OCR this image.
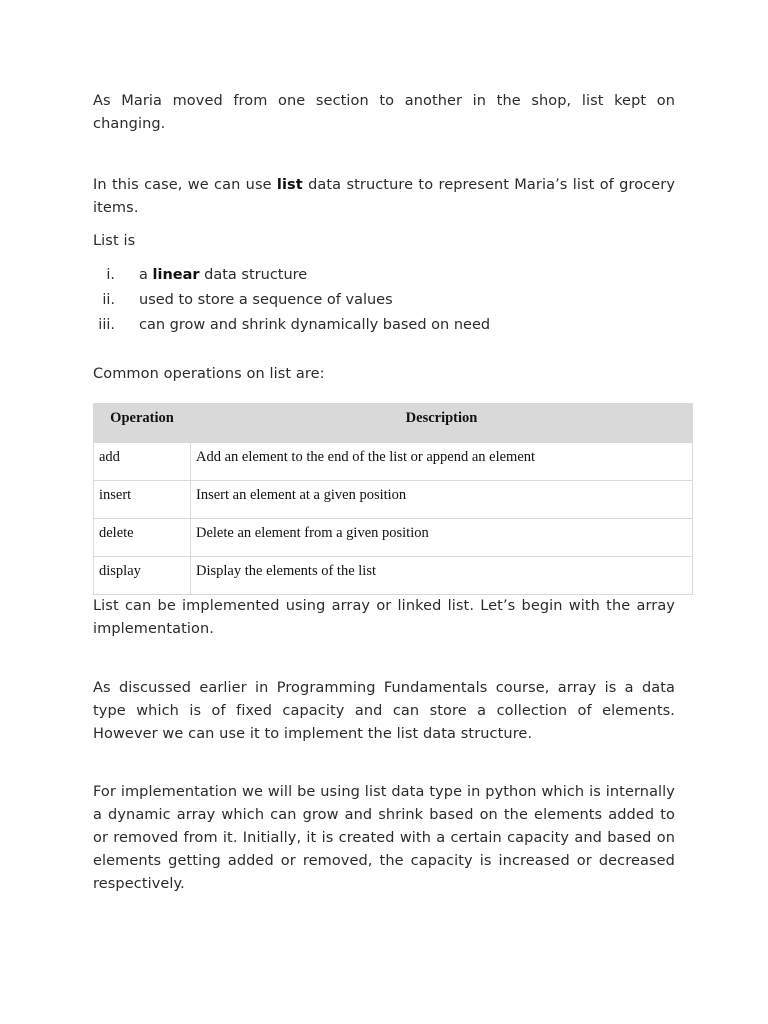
As Maria moved from one section to another in the shop, list kept on changing.

In this case, we can use list data structure to represent Maria’s list of grocery items.

List is

i. a linear data structure
ii. used to store a sequence of values
iii. can grow and shrink dynamically based on need

Common operations on list are:

Operation	Description
add	Add an element to the end of the list or append an element
insert	Insert an element at a given position
delete	Delete an element from a given position
display	Display the elements of the list

List can be implemented using array or linked list. Let’s begin with the array implementation.

As discussed earlier in Programming Fundamentals course, array is a data type which is of fixed capacity and can store a collection of elements. However we can use it to implement the list data structure.

For implementation we will be using list data type in python which is internally a dynamic array which can grow and shrink based on the elements added to or removed from it. Initially, it is created with a certain capacity and based on elements getting added or removed, the capacity is increased or decreased respectively.
